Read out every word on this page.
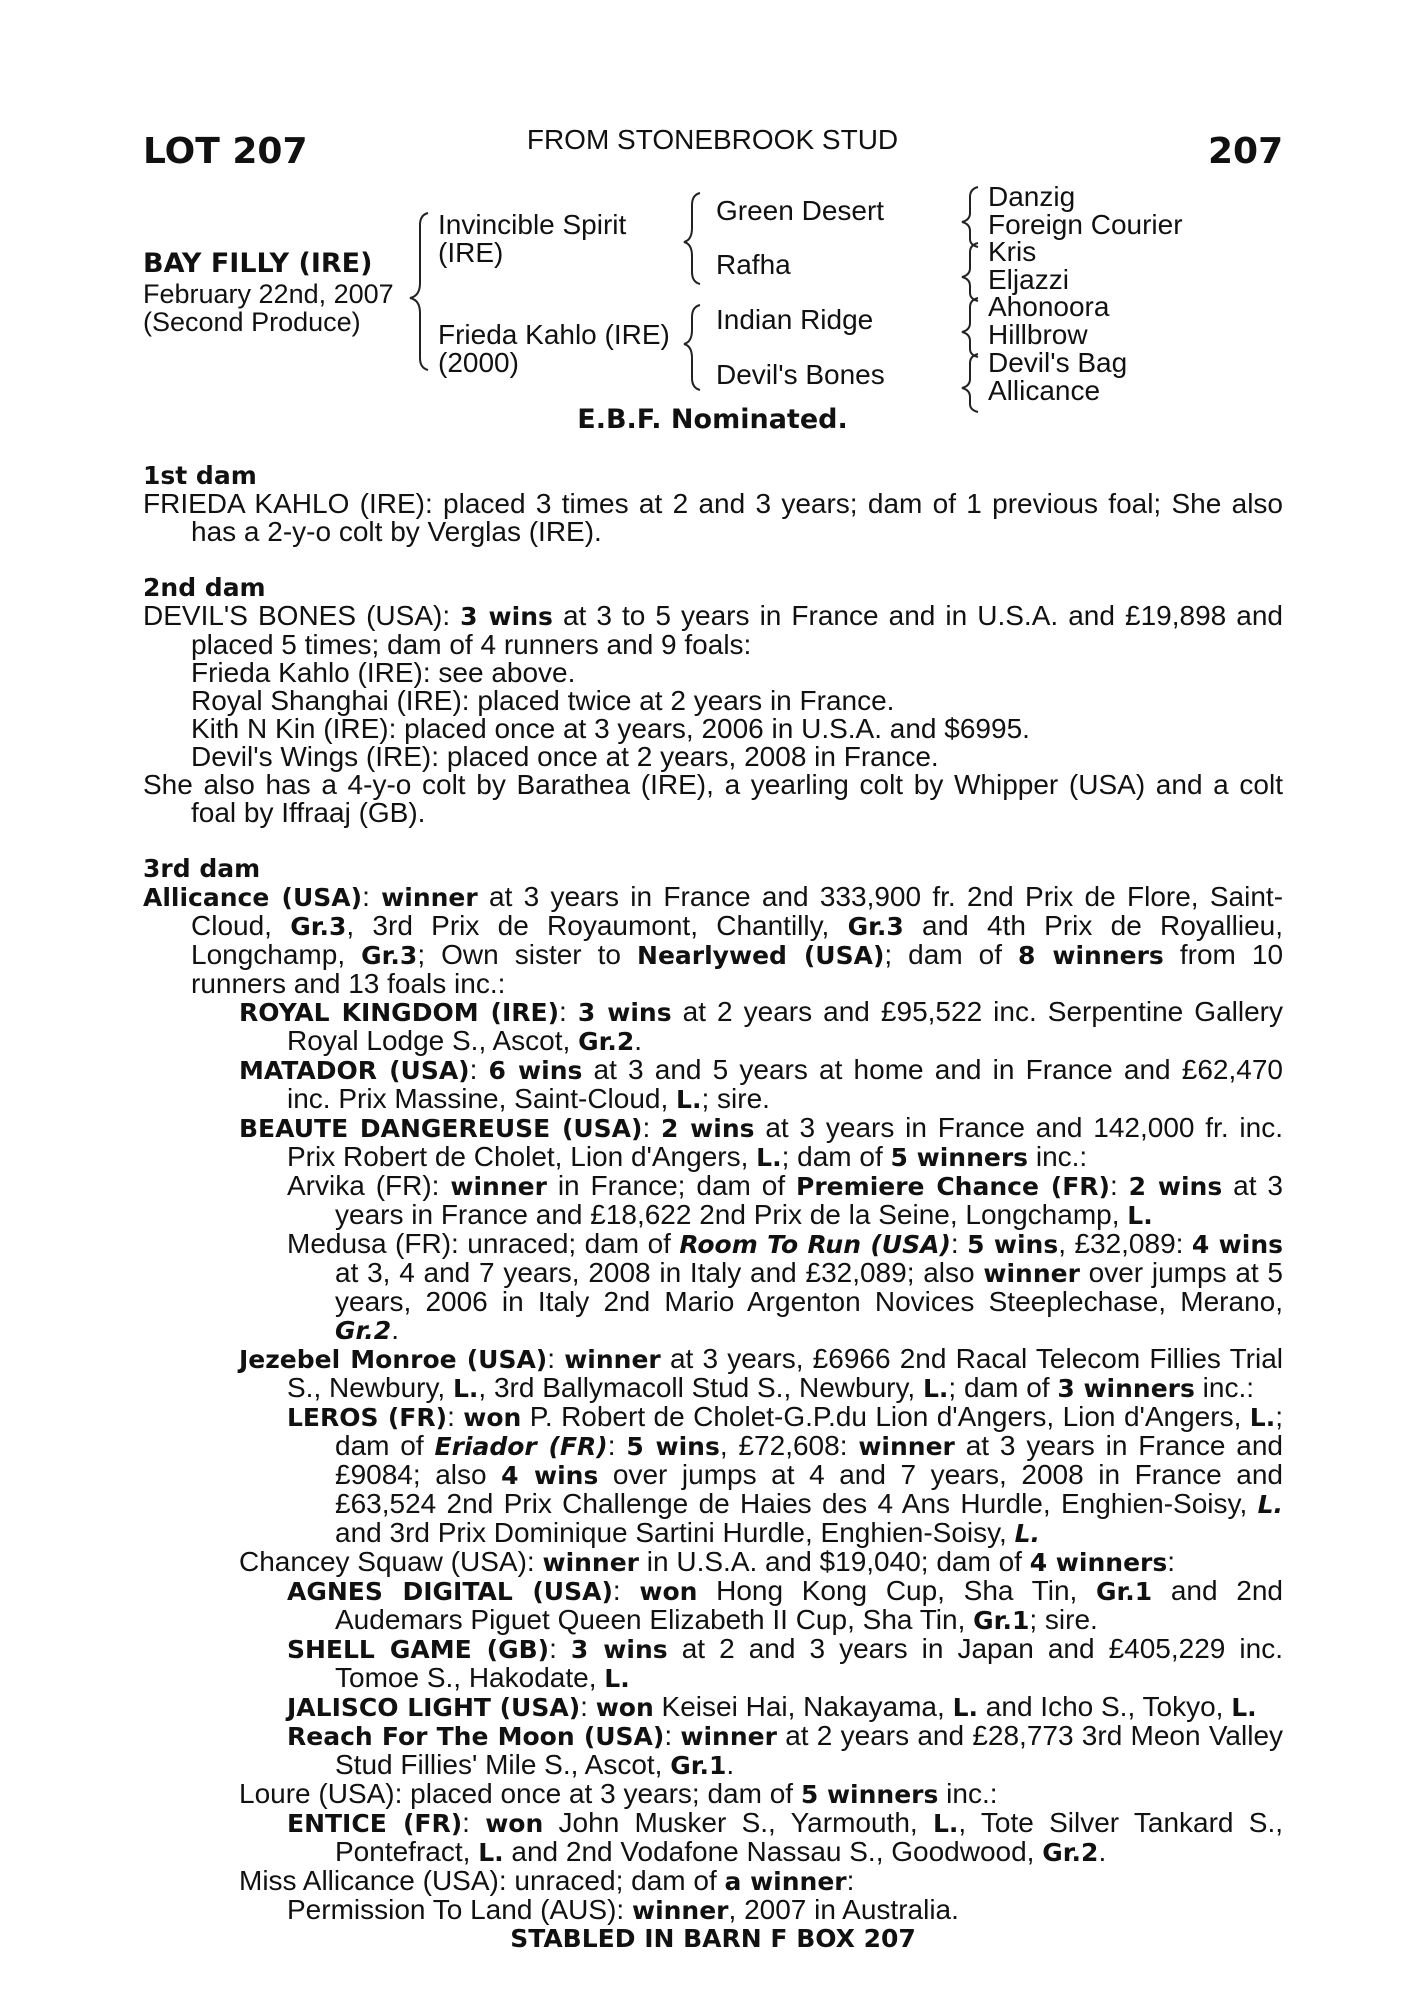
LOT 207	FROM STONEBROOK STUD	207
BAY FILLY (IRE)
February 22nd, 2007
(Second Produce)
Invincible Spirit
(IRE)
Frieda Kahlo (IRE)
(2000)
Green Desert
Rafha
Indian Ridge
Devil's Bones
Danzig
Foreign Courier
Kris
Eljazzi
Ahonoora
Hillbrow
Devil's Bag
Allicance
E.B.F. Nominated.
1st dam

FRIEDA KAHLO (IRE): placed 3 times at 2 and 3 years; dam of 1 previous foal; She also has a 2-y-o colt by Verglas (IRE).

2nd dam

DEVIL'S BONES (USA): 3 wins at 3 to 5 years in France and in U.S.A. and £19,898 and placed 5 times; dam of 4 runners and 9 foals:

Frieda Kahlo (IRE): see above.

Royal Shanghai (IRE): placed twice at 2 years in France.

Kith N Kin (IRE): placed once at 3 years, 2006 in U.S.A. and $6995.

Devil's Wings (IRE): placed once at 2 years, 2008 in France.

She also has a 4-y-o colt by Barathea (IRE), a yearling colt by Whipper (USA) and a colt foal by Iffraaj (GB).

3rd dam

Allicance (USA): winner at 3 years in France and 333,900 fr. 2nd Prix de Flore, Saint-Cloud, Gr.3, 3rd Prix de Royaumont, Chantilly, Gr.3 and 4th Prix de Royallieu, Longchamp, Gr.3; Own sister to Nearlywed (USA); dam of 8 winners from 10 runners and 13 foals inc.:

ROYAL KINGDOM (IRE): 3 wins at 2 years and £95,522 inc. Serpentine Gallery Royal Lodge S., Ascot, Gr.2.

MATADOR (USA): 6 wins at 3 and 5 years at home and in France and £62,470 inc. Prix Massine, Saint-Cloud, L.; sire.

BEAUTE DANGEREUSE (USA): 2 wins at 3 years in France and 142,000 fr. inc. Prix Robert de Cholet, Lion d'Angers, L.; dam of 5 winners inc.:

Arvika (FR): winner in France; dam of Premiere Chance (FR): 2 wins at 3 years in France and £18,622 2nd Prix de la Seine, Longchamp, L.

Medusa (FR): unraced; dam of Room To Run (USA): 5 wins, £32,089: 4 wins at 3, 4 and 7 years, 2008 in Italy and £32,089; also winner over jumps at 5 years, 2006 in Italy 2nd Mario Argenton Novices Steeplechase, Merano, Gr.2.

Jezebel Monroe (USA): winner at 3 years, £6966 2nd Racal Telecom Fillies Trial S., Newbury, L., 3rd Ballymacoll Stud S., Newbury, L.; dam of 3 winners inc.:

LEROS (FR): won P. Robert de Cholet-G.P.du Lion d'Angers, Lion d'Angers, L.; dam of Eriador (FR): 5 wins, £72,608: winner at 3 years in France and £9084; also 4 wins over jumps at 4 and 7 years, 2008 in France and £63,524 2nd Prix Challenge de Haies des 4 Ans Hurdle, Enghien-Soisy, L. and 3rd Prix Dominique Sartini Hurdle, Enghien-Soisy, L.

Chancey Squaw (USA): winner in U.S.A. and $19,040; dam of 4 winners:

AGNES DIGITAL (USA): won Hong Kong Cup, Sha Tin, Gr.1 and 2nd Audemars Piguet Queen Elizabeth II Cup, Sha Tin, Gr.1; sire.

SHELL GAME (GB): 3 wins at 2 and 3 years in Japan and £405,229 inc. Tomoe S., Hakodate, L.

JALISCO LIGHT (USA): won Keisei Hai, Nakayama, L. and Icho S., Tokyo, L.

Reach For The Moon (USA): winner at 2 years and £28,773 3rd Meon Valley Stud Fillies' Mile S., Ascot, Gr.1.

Loure (USA): placed once at 3 years; dam of 5 winners inc.:

ENTICE (FR): won John Musker S., Yarmouth, L., Tote Silver Tankard S., Pontefract, L. and 2nd Vodafone Nassau S., Goodwood, Gr.2.

Miss Allicance (USA): unraced; dam of a winner:

Permission To Land (AUS): winner, 2007 in Australia.

STABLED IN BARN F BOX 207
